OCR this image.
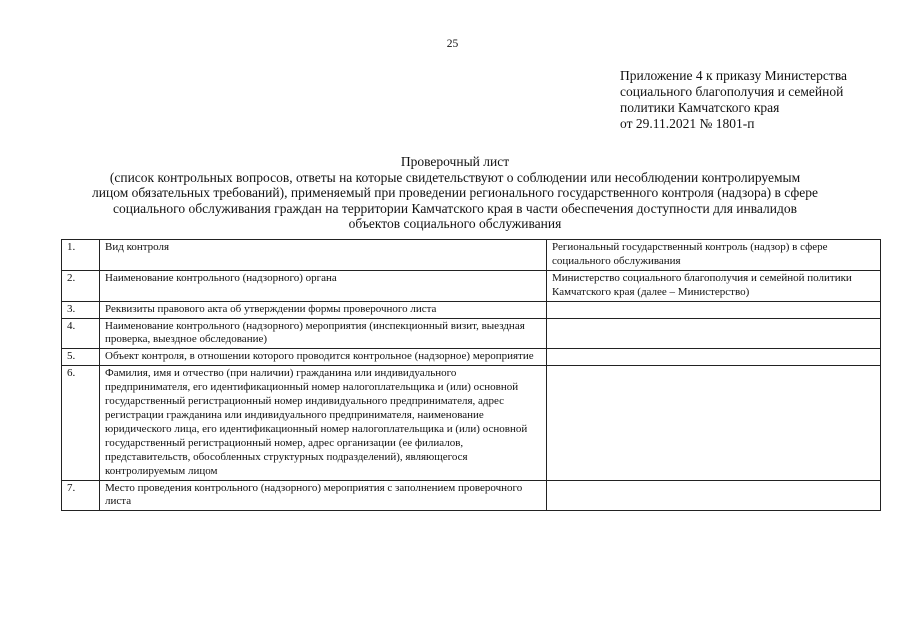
25
Приложение 4 к приказу Министерства
социального благополучия и семейной
политики Камчатского края
от 29.11.2021 № 1801-п
Проверочный лист
(список контрольных вопросов, ответы на которые свидетельствуют о соблюдении или несоблюдении контролируемым
лицом обязательных требований), применяемый при проведении регионального государственного контроля (надзора) в сфере
социального обслуживания граждан на территории Камчатского края в части обеспечения доступности для инвалидов
объектов социального обслуживания
1.	Вид контроля	Региональный государственный контроль (надзор) в сфере социального обслуживания
2.	Наименование контрольного (надзорного) органа	Министерство социального благополучия и семейной политики Камчатского края (далее – Министерство)
3.	Реквизиты правового акта об утверждении формы проверочного листа	
4.	Наименование контрольного (надзорного) мероприятия (инспекционный визит, выездная проверка, выездное обследование)	
5.	Объект контроля, в отношении которого проводится контрольное (надзорное) мероприятие	
6.	Фамилия, имя и отчество (при наличии) гражданина или индивидуального предпринимателя, его идентификационный номер налогоплательщика и (или) основной государственный регистрационный номер индивидуального предпринимателя, адрес регистрации гражданина или индивидуального предпринимателя, наименование юридического лица, его идентификационный номер налогоплательщика и (или) основной государственный регистрационный номер, адрес организации (ее филиалов, представительств, обособленных структурных подразделений), являющегося контролируемым лицом	
7.	Место проведения контрольного (надзорного) мероприятия с заполнением проверочного листа	
